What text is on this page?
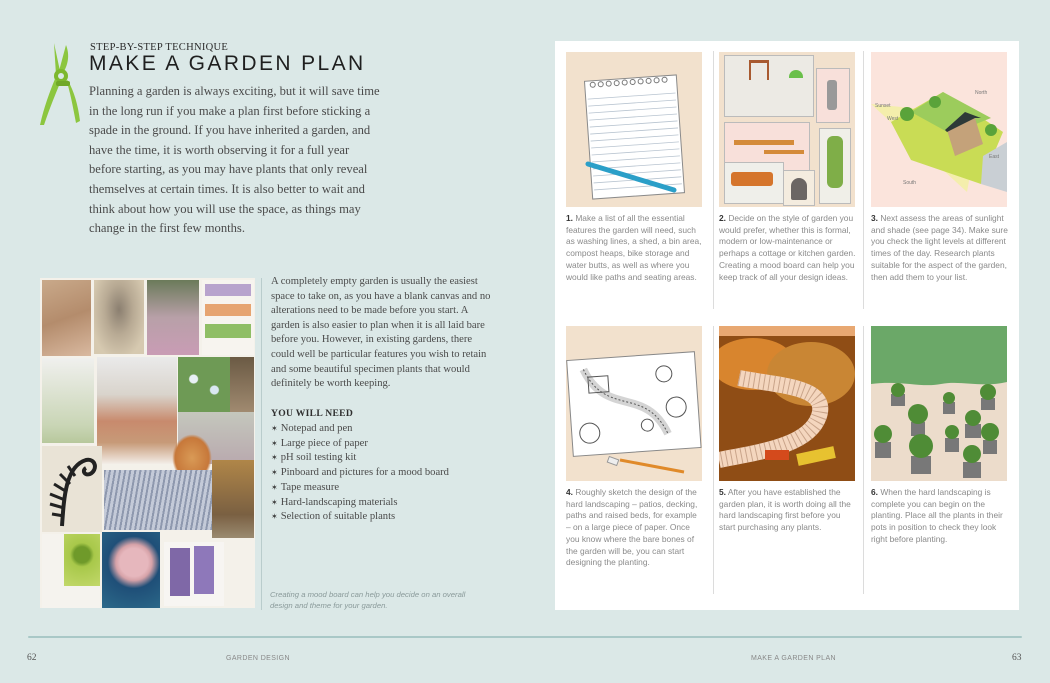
STEP-BY-STEP TECHNIQUE
MAKE A GARDEN PLAN

Planning a garden is always exciting, but it will save time in the long run if you make a plan first before sticking a spade in the ground. If you have inherited a garden, and have the time, it is worth observing it for a full year before starting, as you may have plants that only reveal themselves at certain times. It is also better to wait and think about how you will use the space, as things may change in the first few months.

A completely empty garden is usually the easiest space to take on, as you have a blank canvas and no alterations need to be made before you start. A garden is also easier to plan when it is all laid bare before you. However, in existing gardens, there could well be particular features you wish to retain and some beautiful specimen plants that would definitely be worth keeping.

YOU WILL NEED
✶ Notepad and pen
✶ Large piece of paper
✶ pH soil testing kit
✶ Pinboard and pictures for a mood board
✶ Tape measure
✶ Hard-landscaping materials
✶ Selection of suitable plants

Creating a mood board can help you decide on an overall design and theme for your garden.

1. Make a list of all the essential features the garden will need, such as washing lines, a shed, a bin area, compost heaps, bike storage and water butts, as well as where you would like paths and seating areas.
2. Decide on the style of garden you would prefer, whether this is formal, modern or low-maintenance or perhaps a cottage or kitchen garden. Creating a mood board can help you keep track of all your design ideas.
North
Sunset
West
East
South
3. Next assess the areas of sunlight and shade (see page 34). Make sure you check the light levels at different times of the day. Research plants suitable for the aspect of the garden, then add them to your list.
4. Roughly sketch the design of the hard landscaping – patios, decking, paths and raised beds, for example – on a large piece of paper. Once you know where the bare bones of the garden will be, you can start designing the planting.
5. After you have established the garden plan, it is worth doing all the hard landscaping first before you start purchasing any plants.
6. When the hard landscaping is complete you can begin on the planting. Place all the plants in their pots in position to check they look right before planting.
62	GARDEN DESIGN	MAKE A GARDEN PLAN	63
